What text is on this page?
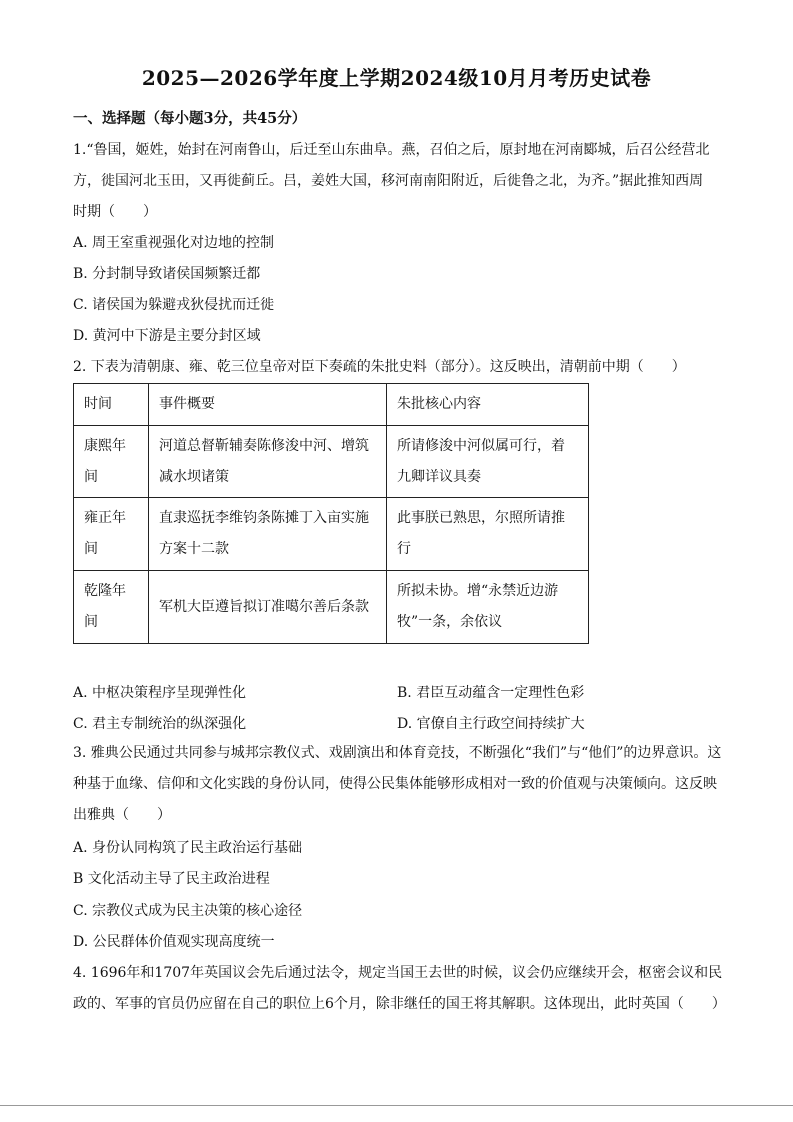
2025—2026学年度上学期2024级10月月考历史试卷
一、选择题（每小题3分，共45分）
1.“鲁国，姬姓，始封在河南鲁山，后迁至山东曲阜。燕，召伯之后，原封地在河南郾城，后召公经营北
方，徙国河北玉田，又再徙蓟丘。吕，姜姓大国，移河南南阳附近，后徙鲁之北，为齐。”据此推知西周
时期（　　）
A. 周王室重视强化对边地的控制
B. 分封制导致诸侯国频繁迁都
C. 诸侯国为躲避戎狄侵扰而迁徙
D. 黄河中下游是主要分封区域
2. 下表为清朝康、雍、乾三位皇帝对臣下奏疏的朱批史料（部分）。这反映出，清朝前中期（　　）
时间	事件概要	朱批核心内容
康熙年间	河道总督靳辅奏陈修浚中河、增筑减水坝诸策	所请修浚中河似属可行，着九卿详议具奏
雍正年间	直隶巡抚李维钧条陈摊丁入亩实施方案十二款	此事朕已熟思，尔照所请推行
乾隆年间	军机大臣遵旨拟订准噶尔善后条款	所拟未协。增“永禁近边游牧”一条，余依议
A. 中枢决策程序呈现弹性化	B. 君臣互动蕴含一定理性色彩
C. 君主专制统治的纵深强化	D. 官僚自主行政空间持续扩大
3. 雅典公民通过共同参与城邦宗教仪式、戏剧演出和体育竞技，不断强化“我们”与“他们”的边界意识。这种基于血缘、信仰和文化实践的身份认同，使得公民集体能够形成相对一致的价值观与决策倾向。这反映出雅典（　　）
A. 身份认同构筑了民主政治运行基础
B 文化活动主导了民主政治进程
C. 宗教仪式成为民主决策的核心途径
D. 公民群体价值观实现高度统一
4. 1696年和1707年英国议会先后通过法令，规定当国王去世的时候，议会仍应继续开会，枢密会议和民政的、军事的官员仍应留在自己的职位上6个月，除非继任的国王将其解职。这体现出，此时英国（　　）
